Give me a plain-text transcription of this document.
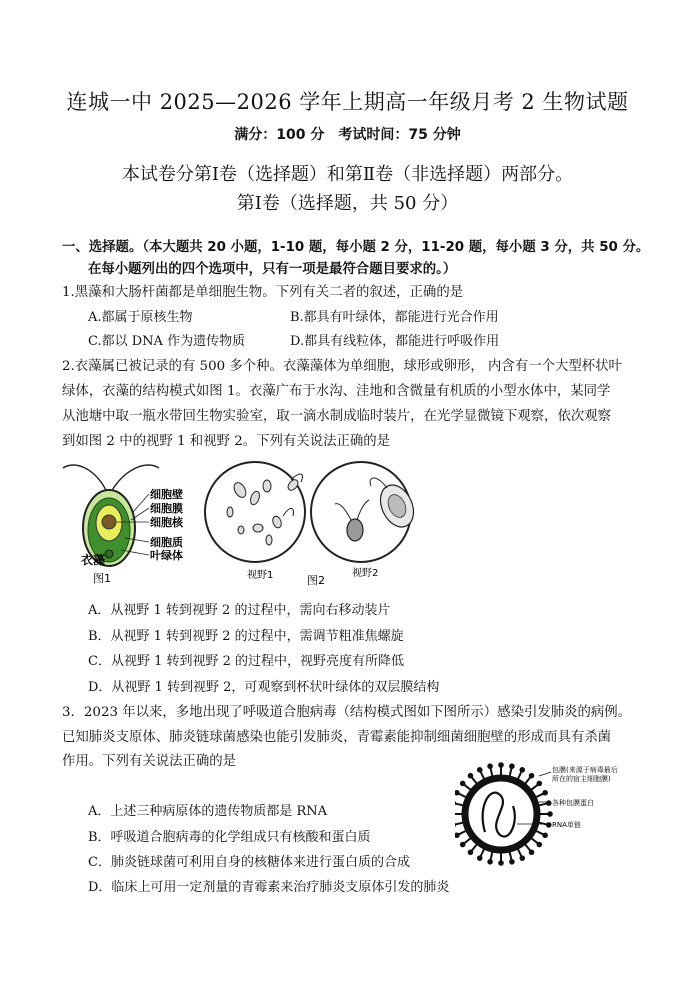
连城一中 2025—2026 学年上期高一年级月考 2 生物试题
满分：100 分　考试时间：75 分钟
本试卷分第Ⅰ卷（选择题）和第Ⅱ卷（非选择题）两部分。
第Ⅰ卷（选择题，共 50 分）
一、选择题。（本大题共 20 小题，1-10 题，每小题 2 分，11-20 题，每小题 3 分，共 50 分。
在每小题列出的四个选项中，只有一项是最符合题目要求的。）
1.黑藻和大肠杆菌都是单细胞生物。下列有关二者的叙述，正确的是
A.都属于原核生物	B.都具有叶绿体，都能进行光合作用
C.都以 DNA 作为遗传物质	D.都具有线粒体，都能进行呼吸作用
2.衣藻属已被记录的有 500 多个种。衣藻藻体为单细胞，球形或卵形， 内含有一个大型杯状叶
绿体，衣藻的结构模式如图 1。衣藻广布于水沟、洼地和含微量有机质的小型水体中，某同学
从池塘中取一瓶水带回生物实验室，取一滴水制成临时装片，在光学显微镜下观察，依次观察
到如图 2 中的视野 1 和视野 2。下列有关说法正确的是
细胞壁
细胞膜
细胞核
细胞质
叶绿体
衣藻
图1	视野1	视野2
图2
A．从视野 1 转到视野 2 的过程中，需向右移动装片
B．从视野 1 转到视野 2 的过程中，需调节粗准焦螺旋
C．从视野 1 转到视野 2 的过程中，视野亮度有所降低
D．从视野 1 转到视野 2，可观察到杯状叶绿体的双层膜结构
3．2023 年以来，多地出现了呼吸道合胞病毒（结构模式图如下图所示）感染引发肺炎的病例。
已知肺炎支原体、肺炎链球菌感染也能引发肺炎，青霉素能抑制细菌细胞壁的形成而具有杀菌
作用。下列有关说法正确的是
包膜(来源于病毒最后
所在的宿主细胞膜)
各种包膜蛋白
RNA单链
A．上述三种病原体的遗传物质都是 RNA
B．呼吸道合胞病毒的化学组成只有核酸和蛋白质
C．肺炎链球菌可利用自身的核糖体来进行蛋白质的合成
D．临床上可用一定剂量的青霉素来治疗肺炎支原体引发的肺炎
